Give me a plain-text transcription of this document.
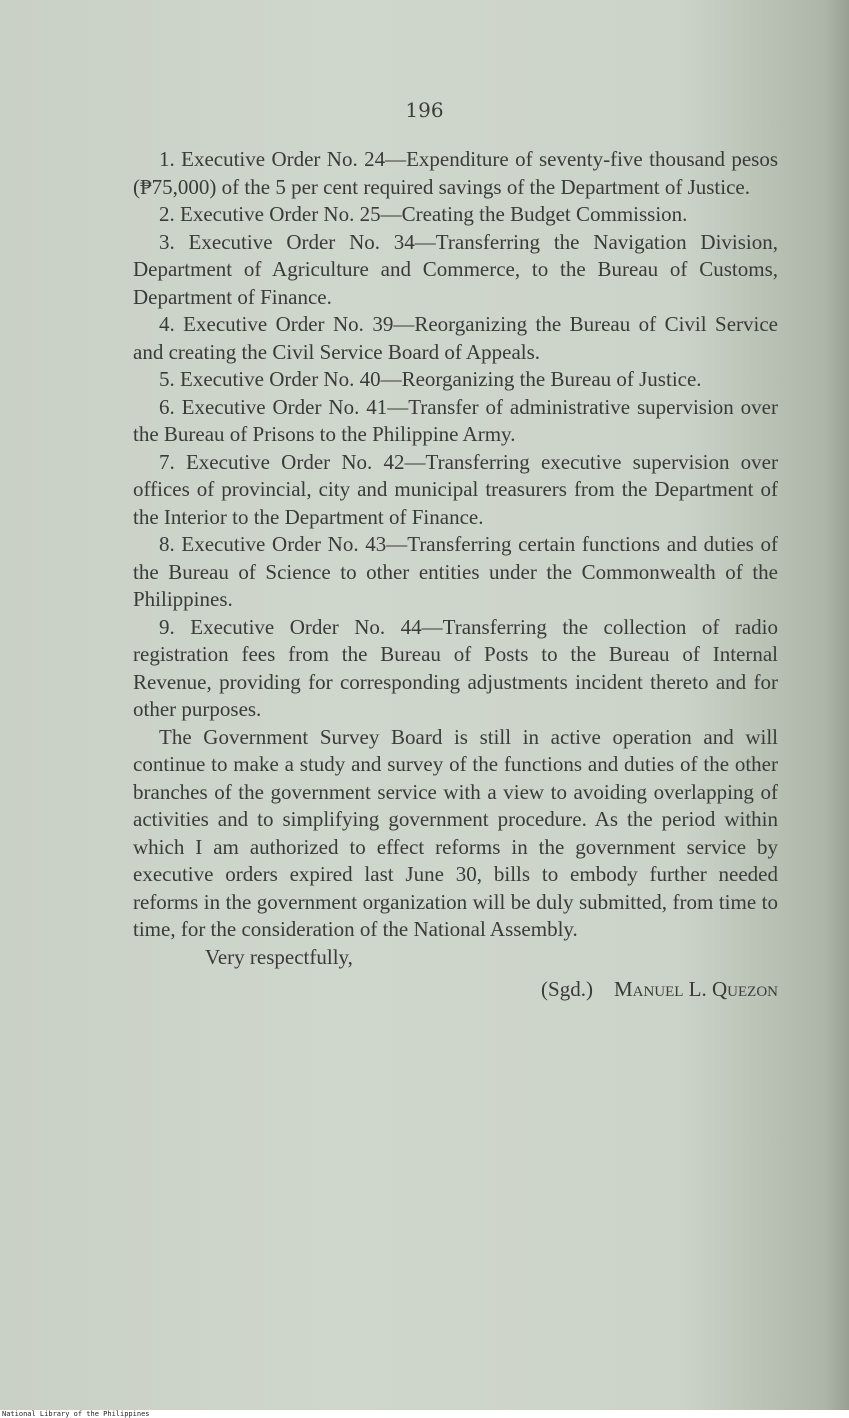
196

1. Executive Order No. 24—Expenditure of seventy-five thousand pesos (₱75,000) of the 5 per cent required savings of the Department of Justice.

2. Executive Order No. 25—Creating the Budget Commission.

3. Executive Order No. 34—Transferring the Navigation Division, Department of Agriculture and Commerce, to the Bureau of Customs, Department of Finance.

4. Executive Order No. 39—Reorganizing the Bureau of Civil Service and creating the Civil Service Board of Appeals.

5. Executive Order No. 40—Reorganizing the Bureau of Justice.

6. Executive Order No. 41—Transfer of administrative supervision over the Bureau of Prisons to the Philippine Army.

7. Executive Order No. 42—Transferring executive supervision over offices of provincial, city and municipal treasurers from the Department of the Interior to the Department of Finance.

8. Executive Order No. 43—Transferring certain functions and duties of the Bureau of Science to other entities under the Commonwealth of the Philippines.

9. Executive Order No. 44—Transferring the collection of radio registration fees from the Bureau of Posts to the Bureau of Internal Revenue, providing for corresponding adjustments incident thereto and for other purposes.

The Government Survey Board is still in active operation and will continue to make a study and survey of the functions and duties of the other branches of the government service with a view to avoiding overlapping of activities and to simplifying government procedure. As the period within which I am authorized to effect reforms in the government service by executive orders expired last June 30, bills to embody further needed reforms in the government organization will be duly submitted, from time to time, for the consideration of the National Assembly.

Very respectfully,

(Sgd.) Manuel L. Quezon

National Library of the Philippines
